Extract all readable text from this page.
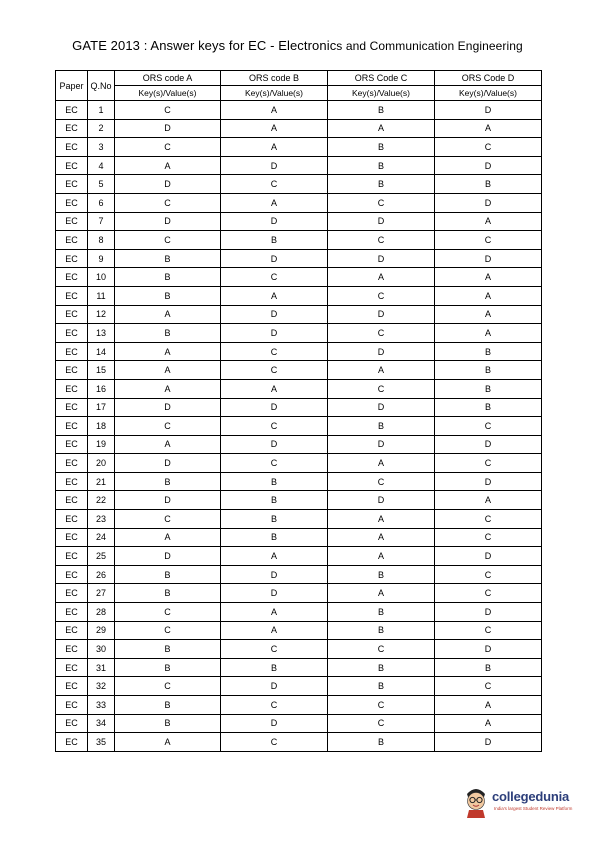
GATE 2013 : Answer keys for EC - Electronics and Communication Engineering
Paper	Q.No	ORS code A	ORS code B	ORS Code C	ORS Code D
		Key(s)/Value(s)	Key(s)/Value(s)	Key(s)/Value(s)	Key(s)/Value(s)
EC	1	C	A	B	D
EC	2	D	A	A	A
EC	3	C	A	B	C
EC	4	A	D	B	D
EC	5	D	C	B	B
EC	6	C	A	C	D
EC	7	D	D	D	A
EC	8	C	B	C	C
EC	9	B	D	D	D
EC	10	B	C	A	A
EC	11	B	A	C	A
EC	12	A	D	D	A
EC	13	B	D	C	A
EC	14	A	C	D	B
EC	15	A	C	A	B
EC	16	A	A	C	B
EC	17	D	D	D	B
EC	18	C	C	B	C
EC	19	A	D	D	D
EC	20	D	C	A	C
EC	21	B	B	C	D
EC	22	D	B	D	A
EC	23	C	B	A	C
EC	24	A	B	A	C
EC	25	D	A	A	D
EC	26	B	D	B	C
EC	27	B	D	A	C
EC	28	C	A	B	D
EC	29	C	A	B	C
EC	30	B	C	C	D
EC	31	B	B	B	B
EC	32	C	D	B	C
EC	33	B	C	C	A
EC	34	B	D	C	A
EC	35	A	C	B	D
collegedunia
India's largest Student Review Platform
